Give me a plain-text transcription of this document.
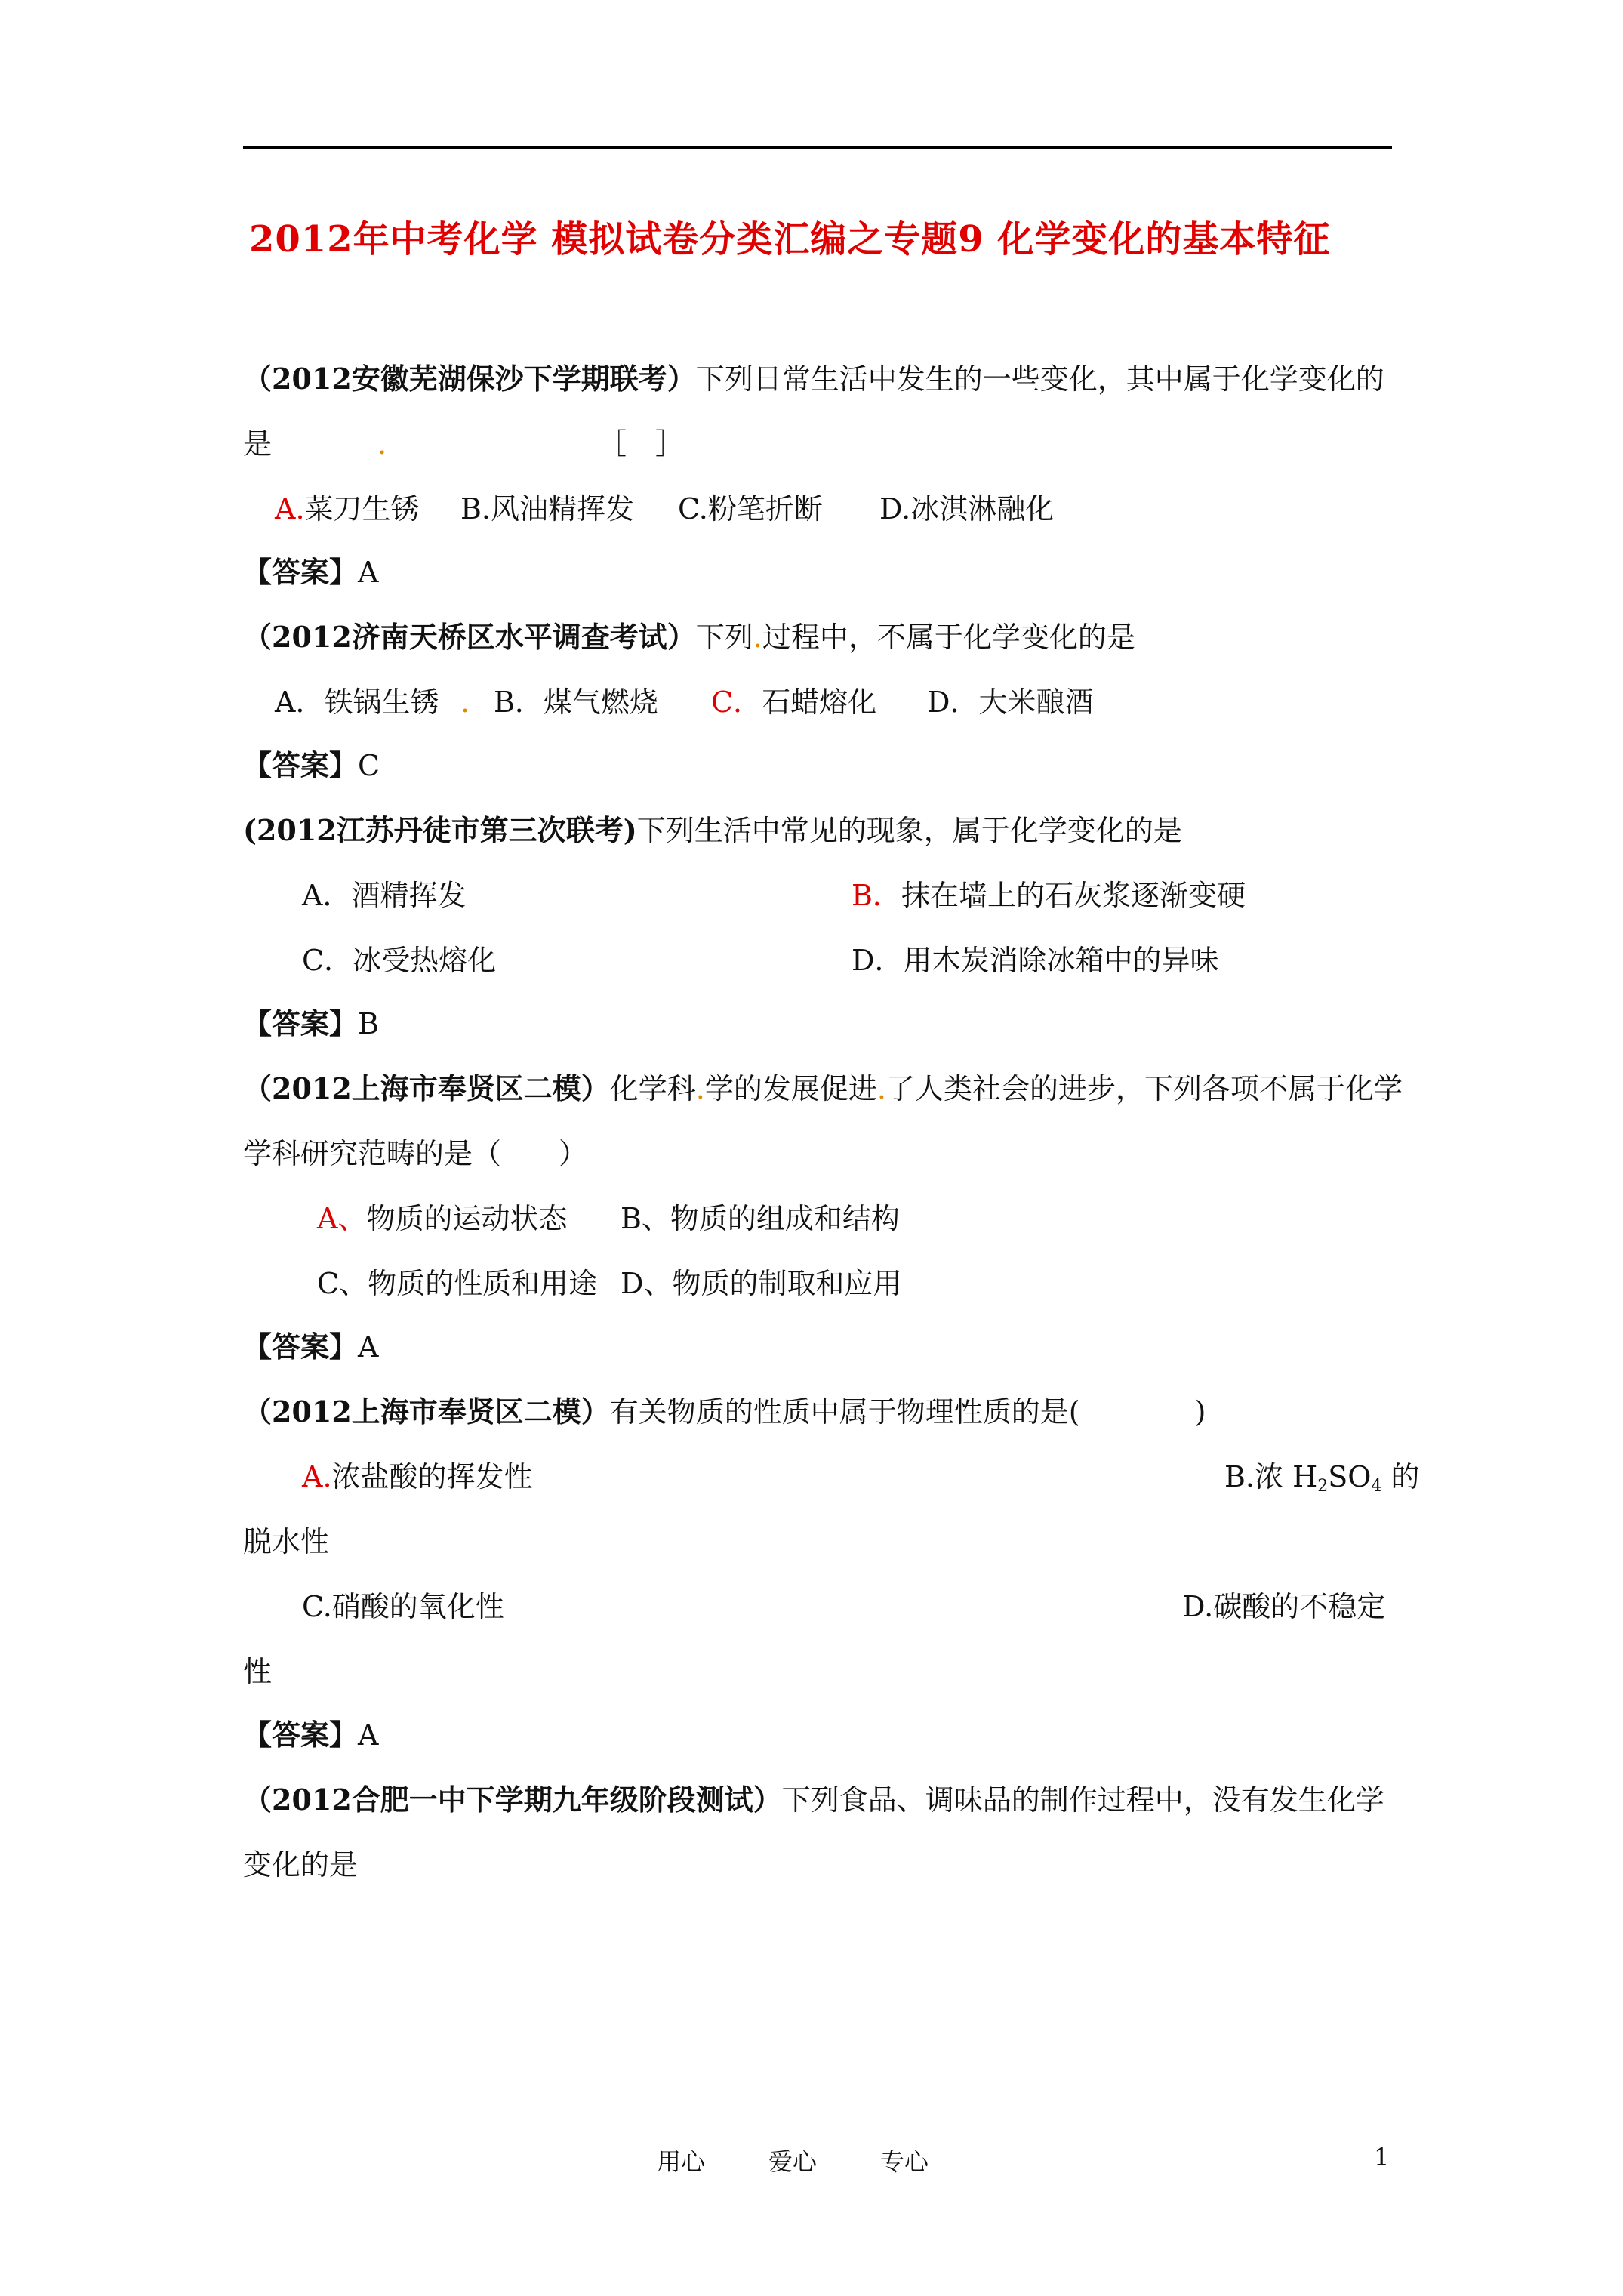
2012年中考化学 模拟试卷分类汇编之专题9 化学变化的基本特征
（2012安徽芜湖保沙下学期联考）下列日常生活中发生的一些变化，其中属于化学变化的
是	.	［　］
A.菜刀生锈 B.风油精挥发 C.粉笔折断 D.冰淇淋融化
【答案】A
（2012济南天桥区水平调查考试）下列.过程中，不属于化学变化的是
A．铁锅生锈 . B．煤气燃烧 C．石蜡熔化 D．大米酿酒
【答案】C
(2012江苏丹徒市第三次联考)下列生活中常见的现象，属于化学变化的是
A．酒精挥发	B．抹在墙上的石灰浆逐渐变硬
C．冰受热熔化	D．用木炭消除冰箱中的异味
【答案】B
（2012上海市奉贤区二模）化学科.学的发展促进.了人类社会的进步，下列各项不属于化学
学科研究范畴的是（　　）
A、物质的运动状态 B、物质的组成和结构
C、物质的性质和用途 D、物质的制取和应用
【答案】A
（2012上海市奉贤区二模）有关物质的性质中属于物理性质的是(　　　　)
A.浓盐酸的挥发性	B.浓 $H_2SO_4$ 的
脱水性
C.硝酸的氧化性	D.碳酸的不稳定
性
【答案】A
（2012合肥一中下学期九年级阶段测试）下列食品、调味品的制作过程中，没有发生化学
变化的是
用心	爱心	专心	1
